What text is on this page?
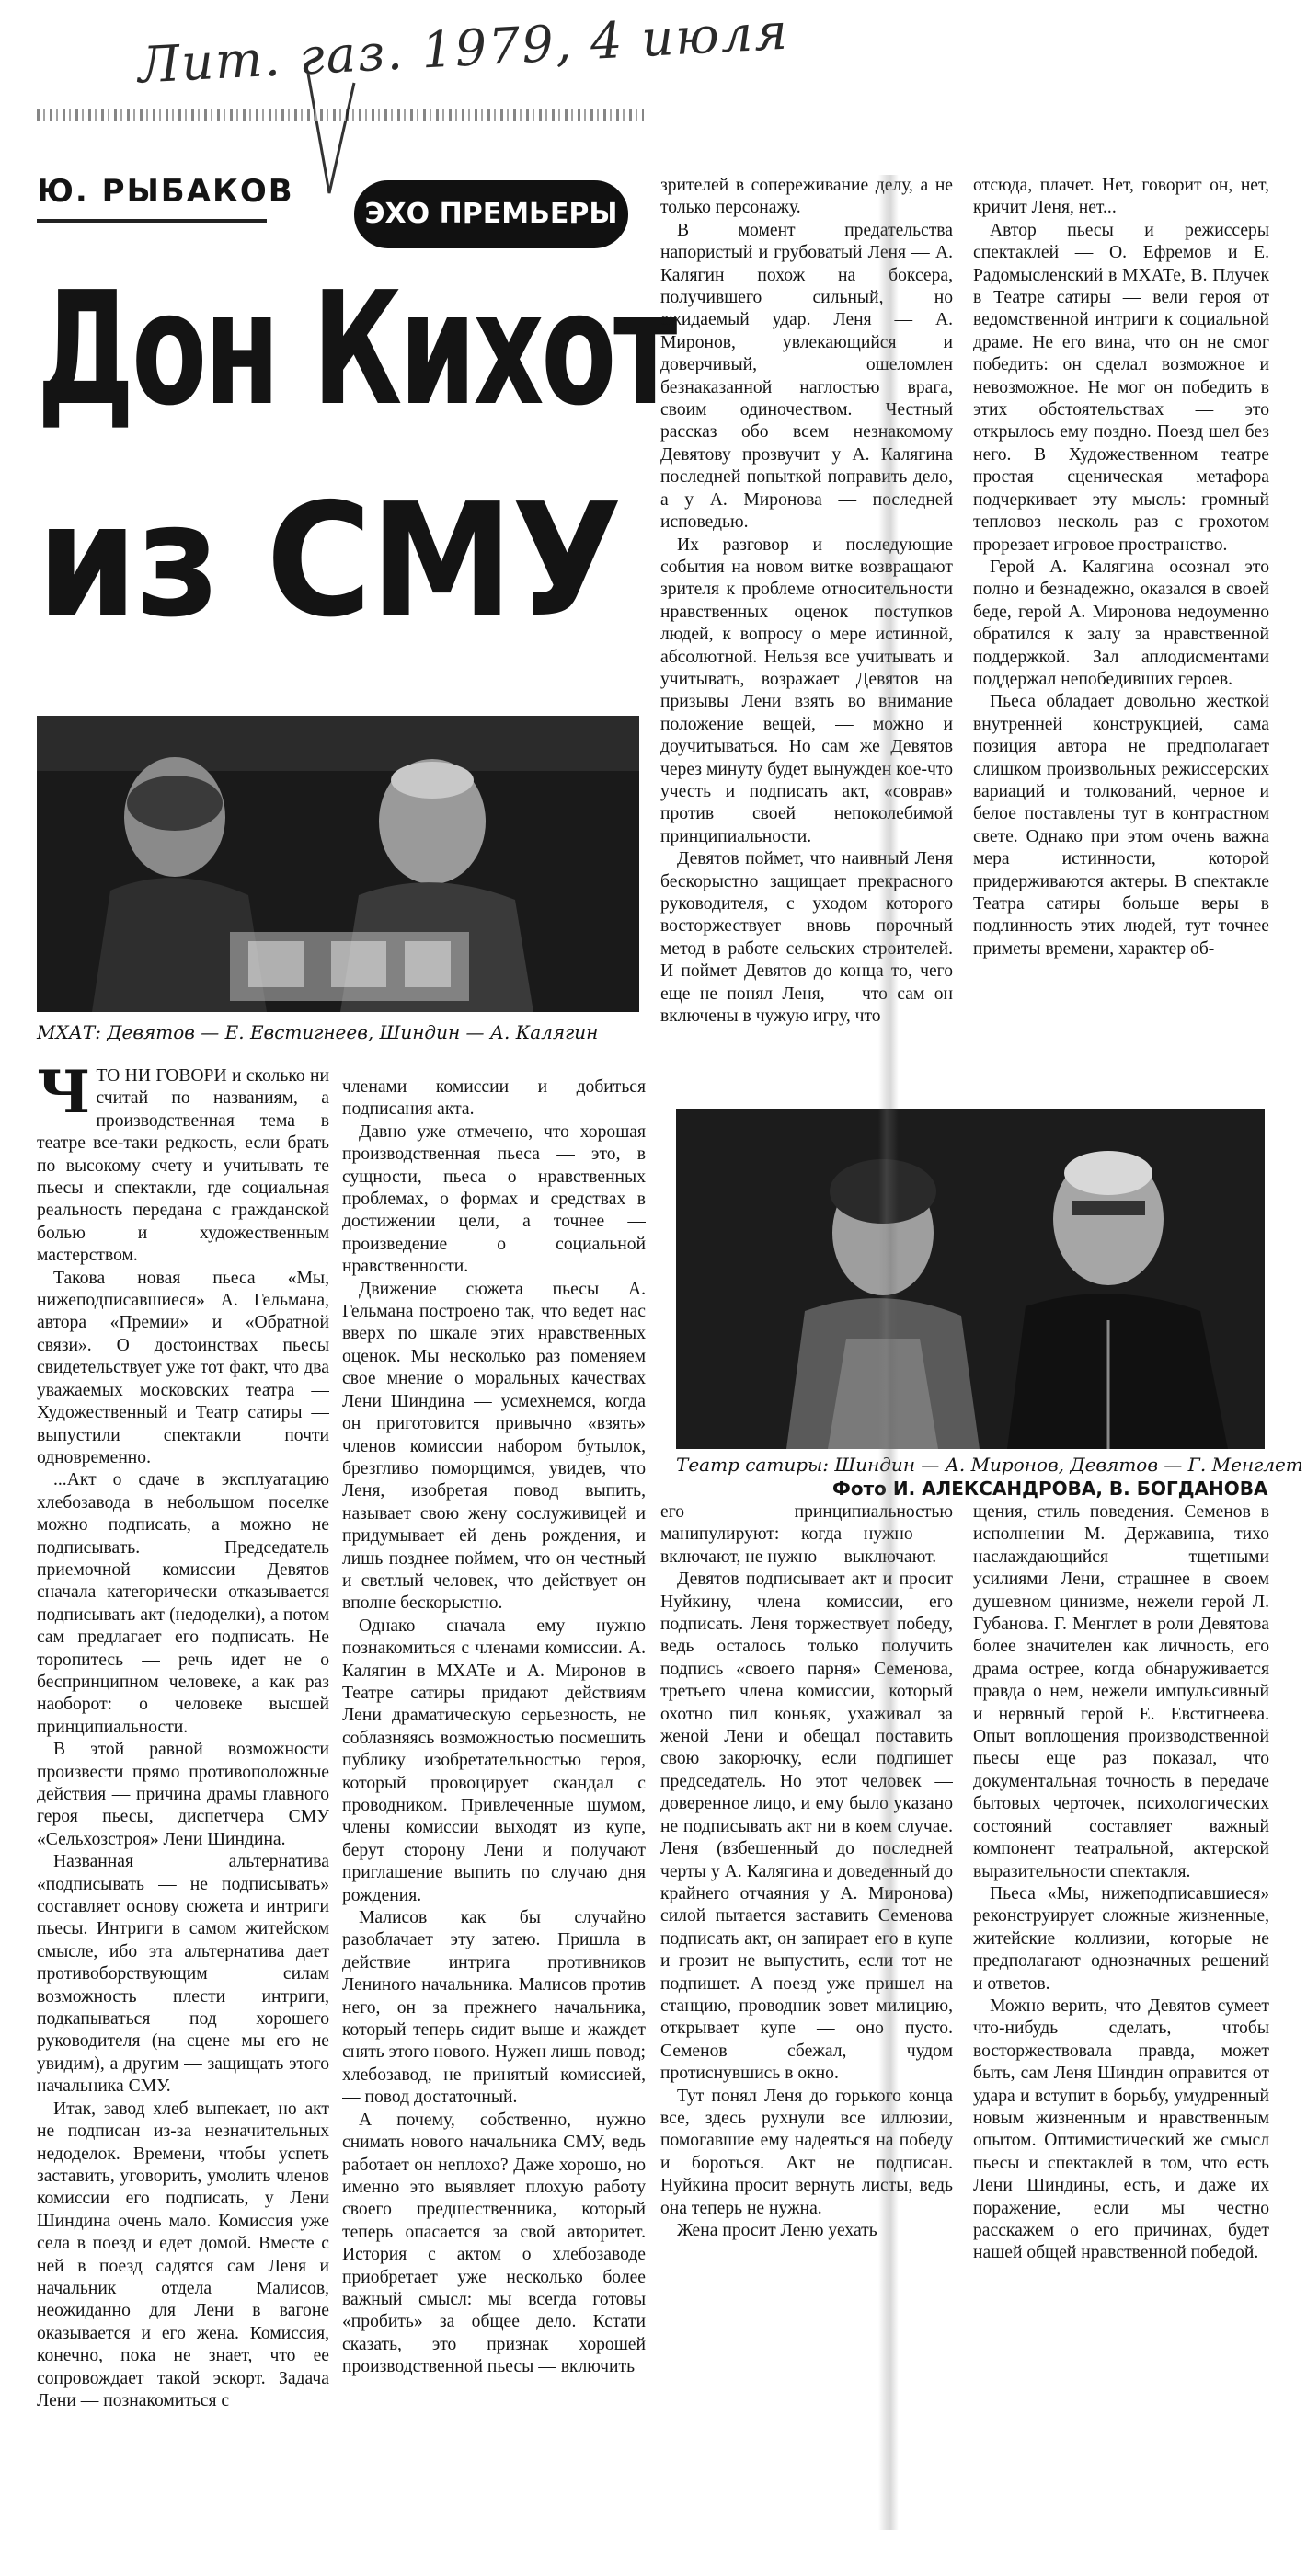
Лит. газ. 1979, 4 июля
Ю. РЫБАКОВ
ЭХО ПРЕМЬЕРЫ
Дон Кихот
из СМУ
МХАТ: Девятов — Е. Евстигнеев, Шиндин — А. Калягин
Театр сатиры: Шиндин — А. Миронов, Девятов — Г. Менглет
Фото И. АЛЕКСАНДРОВА, В. БОГДАНОВА

ЧТО НИ ГОВОРИ и сколько ни считай по названиям, а производственная тема в театре все-таки редкость, если брать по высокому счету и учитывать те пьесы и спектакли, где социальная реальность передана с гражданской болью и художественным мастерством.

Такова новая пьеса «Мы, нижеподписавшиеся» А. Гельмана, автора «Премии» и «Обратной связи». О достоинствах пьесы свидетельствует уже тот факт, что два уважаемых московских театра — Художественный и Театр сатиры — выпустили спектакли почти одновременно.

...Акт о сдаче в эксплуатацию хлебозавода в небольшом поселке можно подписать, а можно не подписывать. Председатель приемочной комиссии Девятов сначала категорически отказывается подписывать акт (недоделки), а потом сам предлагает его подписать. Не торопитесь — речь идет не о беспринципном человеке, а как раз наоборот: о человеке высшей принципиальности.

В этой равной возможности произвести прямо противоположные действия — причина драмы главного героя пьесы, диспетчера СМУ «Сельхозстроя» Лени Шиндина.

Названная альтернатива «подписывать — не подписывать» составляет основу сюжета и интриги пьесы. Интриги в самом житейском смысле, ибо эта альтернатива дает противоборствующим силам возможность плести интриги, подкапываться под хорошего руководителя (на сцене мы его не увидим), а другим — защищать этого начальника СМУ.

Итак, завод хлеб выпекает, но акт не подписан из-за незначительных недоделок. Времени, чтобы успеть заставить, уговорить, умолить членов комиссии его подписать, у Лени Шиндина очень мало. Комиссия уже села в поезд и едет домой. Вместе с ней в поезд садятся сам Леня и начальник отдела Малисов, неожиданно для Лени в вагоне оказывается и его жена. Комиссия, конечно, пока не знает, что ее сопровождает такой эскорт. Задача Лени — познакомиться с

членами комиссии и добиться подписания акта.

Давно уже отмечено, что хорошая производственная пьеса — это, в сущности, пьеса о нравственных проблемах, о формах и средствах в достижении цели, а точнее — произведение о социальной нравственности.

Движение сюжета пьесы А. Гельмана построено так, что ведет нас вверх по шкале этих нравственных оценок. Мы несколько раз поменяем свое мнение о моральных качествах Лени Шиндина — усмехнемся, когда он приготовится привычно «взять» членов комиссии набором бутылок, брезгливо поморщимся, увидев, что Леня, изобретая повод выпить, называет свою жену сослуживицей и придумывает ей день рождения, и лишь позднее поймем, что он честный и светлый человек, что действует он вполне бескорыстно.

Однако сначала ему нужно познакомиться с членами комиссии. А. Калягин в МХАТе и А. Миронов в Театре сатиры придают действиям Лени драматическую серьезность, не соблазняясь возможностью посмешить публику изобретательностью героя, который провоцирует скандал с проводником. Привлеченные шумом, члены комиссии выходят из купе, берут сторону Лени и получают приглашение выпить по случаю дня рождения.

Малисов как бы случайно разоблачает эту затею. Пришла в действие интрига противников Лениного начальника. Малисов против него, он за прежнего начальника, который теперь сидит выше и жаждет снять этого нового. Нужен лишь повод; хлебозавод, не принятый комиссией, — повод достаточный.

А почему, собственно, нужно снимать нового начальника СМУ, ведь работает он неплохо? Даже хорошо, но именно это выявляет плохую работу своего предшественника, который теперь опасается за свой авторитет. История с актом о хлебозаводе приобретает уже несколько более важный смысл: мы всегда готовы «пробить» за общее дело. Кстати сказать, это признак хорошей производственной пьесы — включить

зрителей в сопереживание делу, а не только персонажу.

В момент предательства напористый и грубоватый Леня — А. Калягин похож на боксера, получившего сильный, но ожидаемый удар. Леня — А. Миронов, увлекающийся и доверчивый, ошеломлен безнаказанной наглостью врага, своим одиночеством. Честный рассказ обо всем незнакомому Девятову прозвучит у А. Калягина последней попыткой поправить дело, а у А. Миронова — последней исповедью.

Их разговор и последующие события на новом витке возвращают зрителя к проблеме относительности нравственных оценок поступков людей, к вопросу о мере истинной, абсолютной. Нельзя все учитывать и учитывать, возражает Девятов на призывы Лени взять во внимание положение вещей, — можно и доучитываться. Но сам же Девятов через минуту будет вынужден кое-что учесть и подписать акт, «соврав» против своей непоколебимой принципиальности.

Девятов поймет, что наивный Леня бескорыстно защищает прекрасного руководителя, с уходом которого восторжествует вновь порочный метод в работе сельских строителей. И поймет Девятов до конца то, чего еще не понял Леня, — что сам он включены в чужую игру, что

отсюда, плачет. Нет, говорит он, нет, кричит Леня, нет...

Автор пьесы и режиссеры спектаклей — О. Ефремов и Е. Радомысленский в МХАТе, В. Плучек в Театре сатиры — вели героя от ведомственной интриги к социальной драме. Не его вина, что он не смог победить: он сделал возможное и невозможное. Не мог он победить в этих обстоятельствах — это открылось ему поздно. Поезд шел без него. В Художественном театре простая сценическая метафора подчеркивает эту мысль: громный тепловоз несколь раз с грохотом прорезает игровое пространство.

Герой А. Калягина осознал это полно и безнадежно, оказался в своей беде, герой А. Миронова недоуменно обратился к залу за нравственной поддержкой. Зал аплодисментами поддержал непобедивших героев.

Пьеса обладает довольно жесткой внутренней конструкцией, сама позиция автора не предполагает слишком произвольных режиссерских вариаций и толкований, черное и белое поставлены тут в контрастном свете. Однако при этом очень важна мера истинности, которой придерживаются актеры. В спектакле Театра сатиры больше веры в подлинность этих людей, тут точнее приметы времени, характер об-

его принципиальностью манипулируют: когда нужно — включают, не нужно — выключают.

Девятов подписывает акт и просит Нуйкину, члена комиссии, его подписать. Леня торжествует победу, ведь осталось только получить подпись «своего парня» Семенова, третьего члена комиссии, который охотно пил коньяк, ухаживал за женой Лени и обещал поставить свою закорючку, если подпишет председатель. Но этот человек — доверенное лицо, и ему было указано не подписывать акт ни в коем случае. Леня (взбешенный до последней черты у А. Калягина и доведенный до крайнего отчаяния у А. Миронова) силой пытается заставить Семенова подписать акт, он запирает его в купе и грозит не выпустить, если тот не подпишет. А поезд уже пришел на станцию, проводник зовет милицию, открывает купе — оно пусто. Семенов сбежал, чудом протиснувшись в окно.

Тут понял Леня до горького конца все, здесь рухнули все иллюзии, помогавшие ему надеяться на победу и бороться. Акт не подписан. Нуйкина просит вернуть листы, ведь она теперь не нужна.

Жена просит Леню уехать

щения, стиль поведения. Семенов в исполнении М. Державина, тихо наслаждающийся тщетными усилиями Лени, страшнее в своем душевном цинизме, нежели герой Л. Губанова. Г. Менглет в роли Девятова более значителен как личность, его драма острее, когда обнаруживается правда о нем, нежели импульсивный и нервный герой Е. Евстигнеева. Опыт воплощения производственной пьесы еще раз показал, что документальная точность в передаче бытовых черточек, психологических состояний составляет важный компонент театральной, актерской выразительности спектакля.

Пьеса «Мы, нижеподписавшиеся» реконструирует сложные жизненные, житейские коллизии, которые не предполагают однозначных решений и ответов.

Можно верить, что Девятов сумеет что-нибудь сделать, чтобы восторжествовала правда, может быть, сам Леня Шиндин оправится от удара и вступит в борьбу, умудренный новым жизненным и нравственным опытом. Оптимистический же смысл пьесы и спектаклей в том, что есть Лени Шиндины, есть, и даже их поражение, если мы честно расскажем о его причинах, будет нашей общей нравственной победой.
